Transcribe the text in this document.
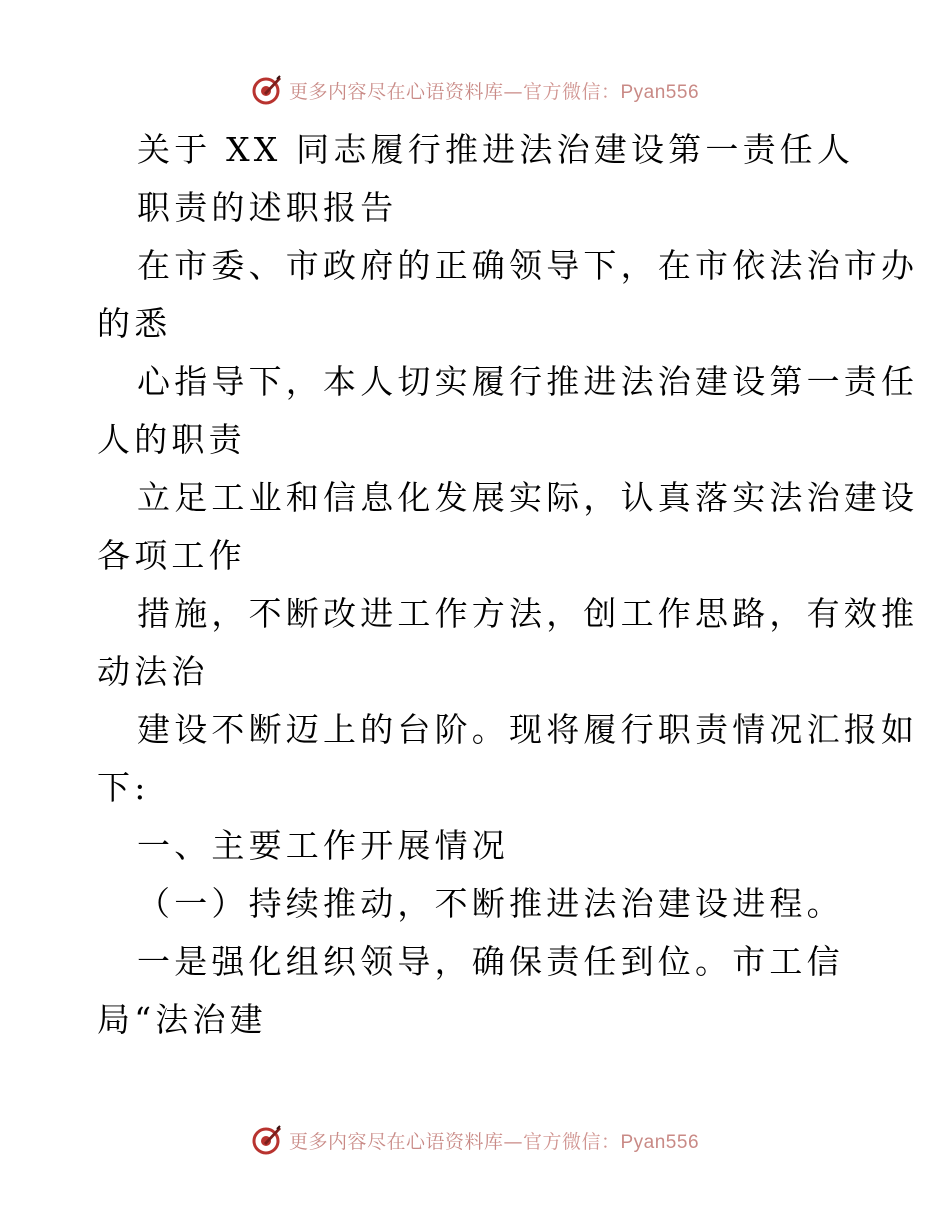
更多内容尽在心语资料库—官方微信：Pyan556
关于 XX 同志履行推进法治建设第一责任人
职责的述职报告
在市委、市政府的正确领导下，在市依法治市办
的悉
心指导下，本人切实履行推进法治建设第一责任
人的职责
立足工业和信息化发展实际，认真落实法治建设
各项工作
措施，不断改进工作方法，创工作思路，有效推
动法治
建设不断迈上的台阶。现将履行职责情况汇报如
下:
一、主要工作开展情况
（一）持续推动，不断推进法治建设进程。
一是强化组织领导，确保责任到位。市工信
局“法治建
更多内容尽在心语资料库—官方微信：Pyan556
